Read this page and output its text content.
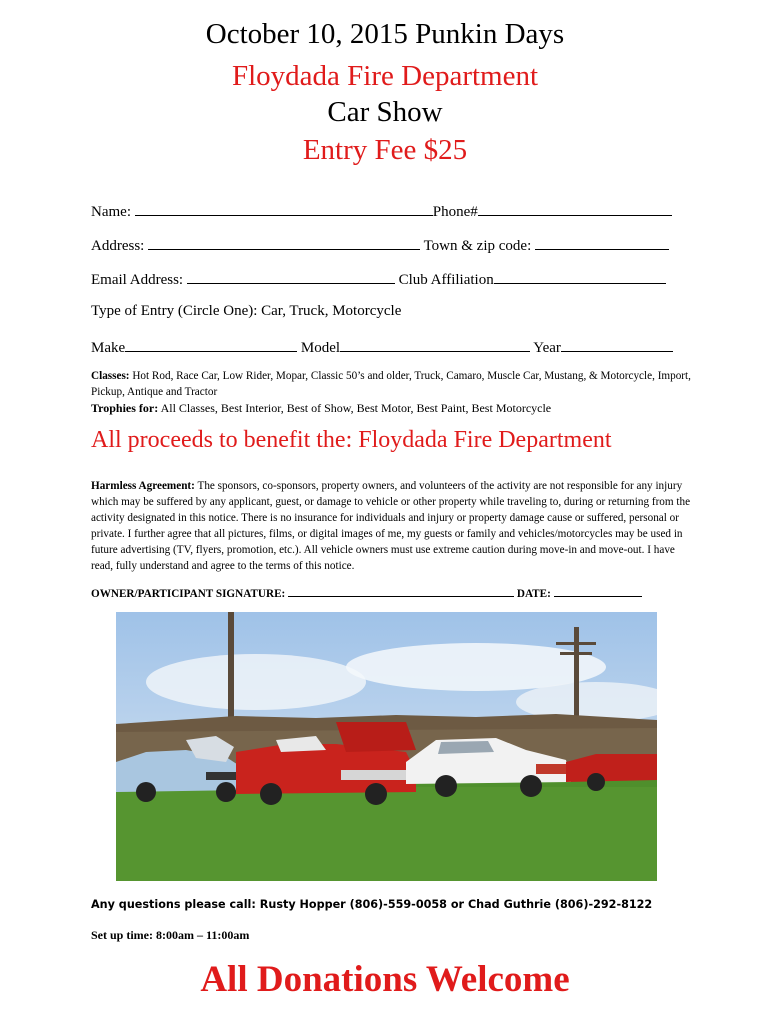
October 10, 2015 Punkin Days
Floydada Fire Department
Car Show
Entry Fee $25
Name:	Phone#
Address:	Town & zip code:
Email Address:	Club Affiliation
Type of Entry (Circle One): Car, Truck, Motorcycle
Make	Model	Year
Classes: Hot Rod, Race Car, Low Rider, Mopar, Classic 50’s and older, Truck, Camaro, Muscle Car, Mustang, & Motorcycle, Import, Pickup, Antique and Tractor
Trophies for: All Classes, Best Interior, Best of Show, Best Motor, Best Paint, Best Motorcycle
All proceeds to benefit the: Floydada Fire Department
Harmless Agreement: The sponsors, co-sponsors, property owners, and volunteers of the activity are not responsible for any injury which may be suffered by any applicant, guest, or damage to vehicle or other property while traveling to, during or returning from the activity designated in this notice. There is no insurance for individuals and injury or property damage cause or suffered, personal or private. I further agree that all pictures, films, or digital images of me, my guests or family and vehicles/motorcycles may be used in future advertising (TV, flyers, promotion, etc.). All vehicle owners must use extreme caution during move-in and move-out. I have read, fully understand and agree to the terms of this notice.
OWNER/PARTICIPANT SIGNATURE:	DATE:
Any questions please call: Rusty Hopper (806)-559-0058 or Chad Guthrie (806)-292-8122
Set up time: 8:00am – 11:00am
All Donations Welcome
